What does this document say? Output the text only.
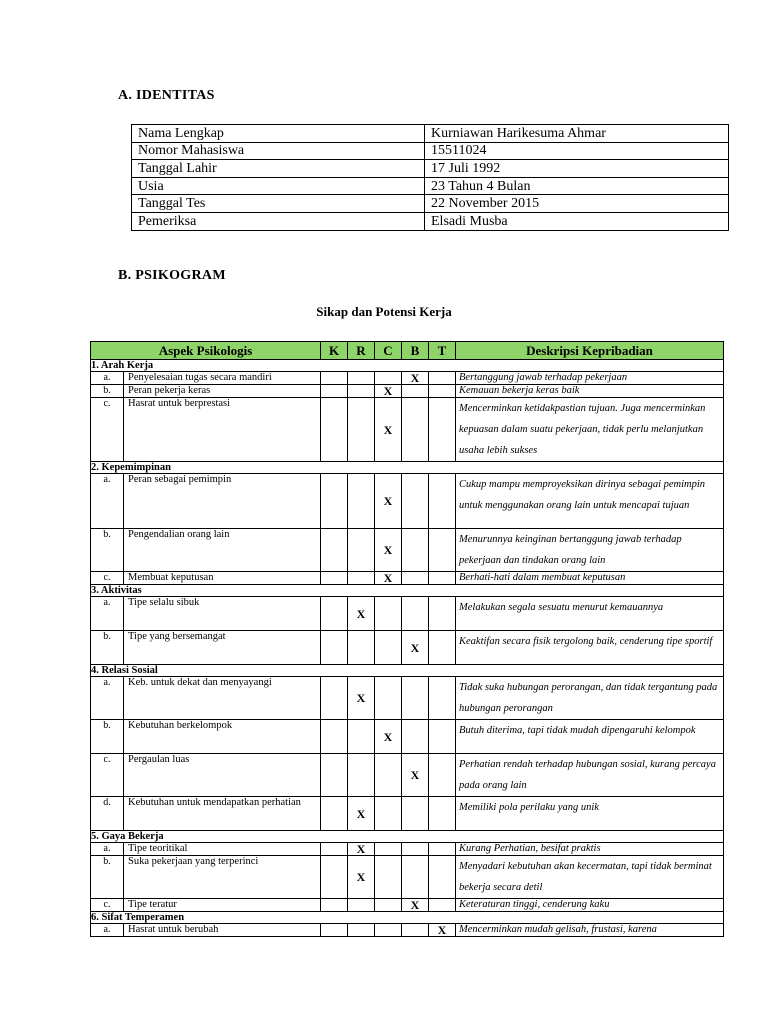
A. IDENTITAS
Nama Lengkap	Kurniawan Harikesuma Ahmar
Nomor Mahasiswa	15511024
Tanggal Lahir	17 Juli 1992
Usia	23 Tahun 4 Bulan
Tanggal Tes	22 November 2015
Pemeriksa	Elsadi Musba
B. PSIKOGRAM
Sikap dan Potensi Kerja
Aspek Psikologis		K	R	C	B	T	Deskripsi Kepribadian
1. Arah Kerja							
a.	Penyelesaian tugas secara mandiri				X		Bertanggung jawab terhadap pekerjaan
b.	Peran pekerja keras			X			Kemauan bekerja keras baik
c.	Hasrat untuk berprestasi			X			Mencerminkan ketidakpastian tujuan. Juga mencerminkan kepuasan dalam suatu pekerjaan, tidak perlu melanjutkan usaha lebih sukses
2. Kepemimpinan							
a.	Peran sebagai pemimpin			X			Cukup mampu memproyeksikan dirinya sebagai pemimpin untuk menggunakan orang lain untuk mencapai tujuan
b.	Pengendalian orang lain			X			Menurunnya keinginan bertanggung jawab terhadap pekerjaan dan tindakan orang lain
c.	Membuat keputusan			X			Berhati-hati dalam membuat keputusan
3. Aktivitas							
a.	Tipe selalu sibuk		X				Melakukan segala sesuatu menurut kemauannya
b.	Tipe yang bersemangat				X		Keaktifan secara fisik tergolong baik, cenderung tipe sportif
4. Relasi Sosial							
a.	Keb. untuk dekat dan menyayangi		X				Tidak suka hubungan perorangan, dan tidak tergantung pada hubungan perorangan
b.	Kebutuhan berkelompok			X			Butuh diterima, tapi tidak mudah dipengaruhi kelompok
c.	Pergaulan luas				X		Perhatian rendah terhadap hubungan sosial, kurang percaya pada orang lain
d.	Kebutuhan untuk mendapatkan perhatian		X				Memiliki pola perilaku yang unik
5. Gaya Bekerja							
a.	Tipe teoritikal		X				Kurang Perhatian, besifat praktis
b.	Suka pekerjaan yang terperinci		X				Menyadari kebutuhan akan kecermatan, tapi tidak berminat bekerja secara detil
c.	Tipe teratur				X		Keteraturan tinggi, cenderung kaku
6. Sifat Temperamen							
a.	Hasrat untuk berubah					X	Mencerminkan mudah gelisah, frustasi, karena
